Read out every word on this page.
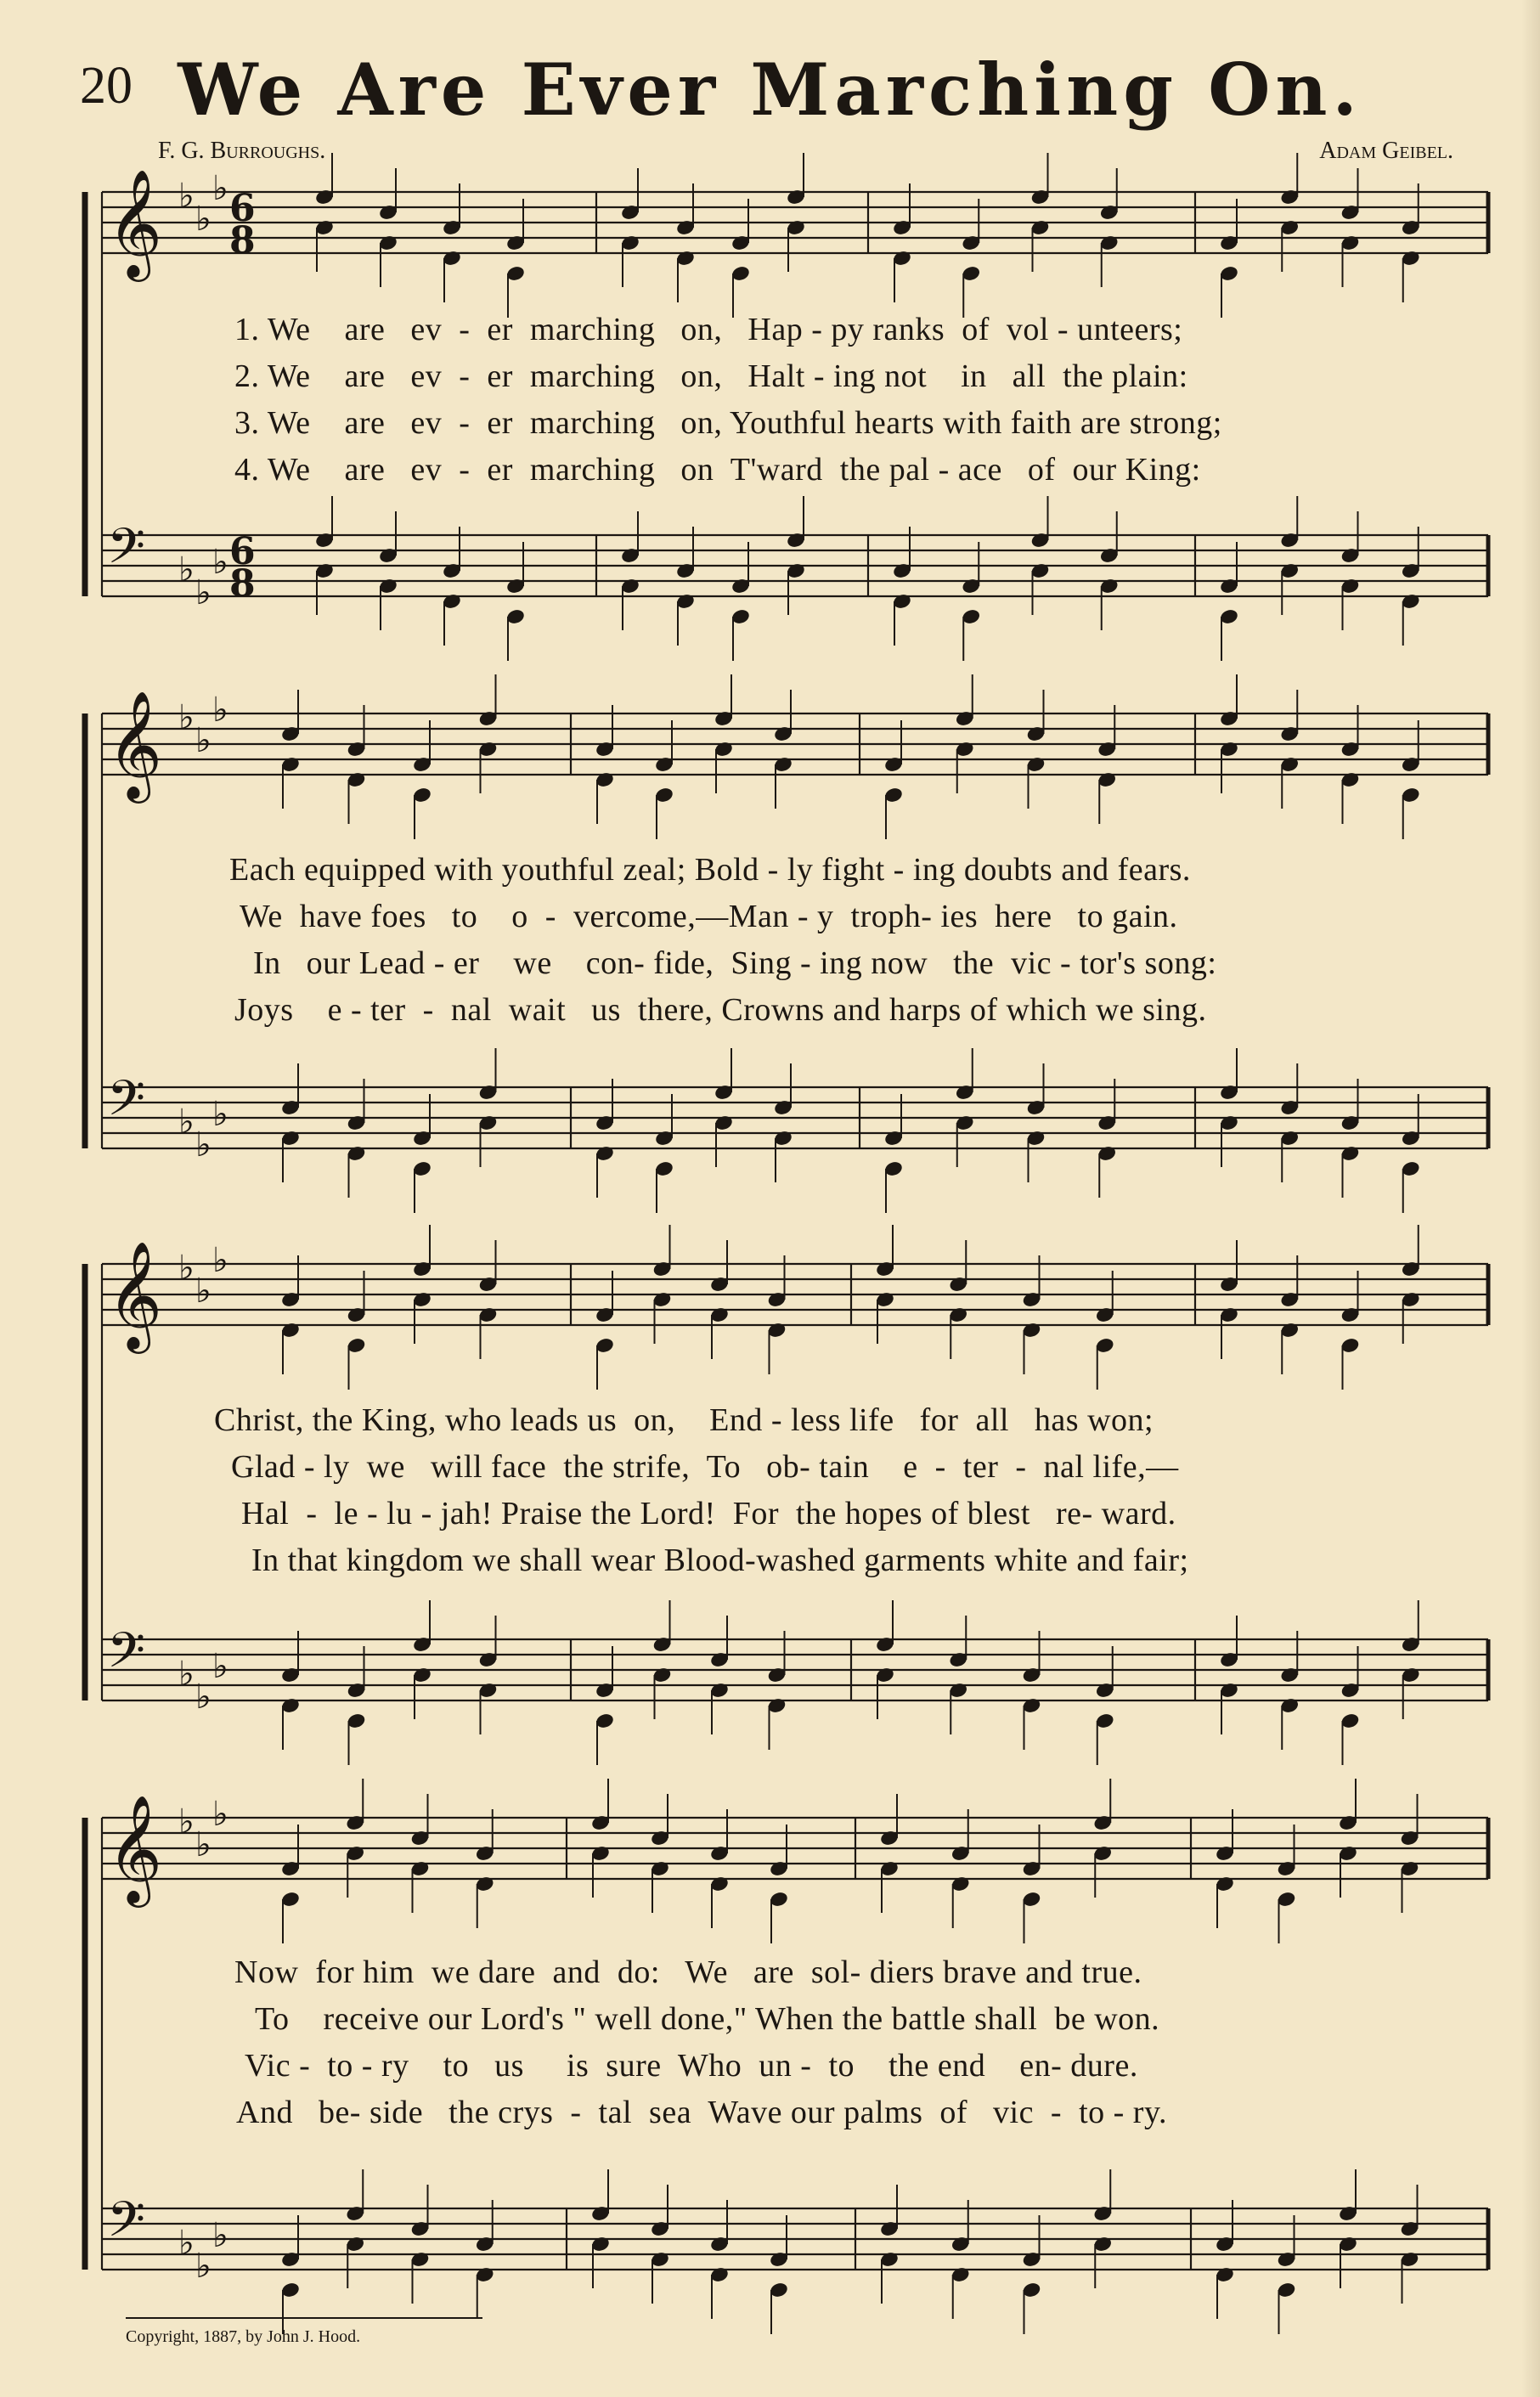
20 We Are Ever Marching On.
F. G. Burroughs.	Adam Geibel.
𝄞 ♭
♭
♭ 6
8
𝄢 ♭
♭
♭ 6
8
1. We    are   ev  -  er  marching   on,   Hap - py ranks  of  vol - unteers;
2. We    are   ev  -  er  marching   on,   Halt - ing not    in   all  the plain:
3. We    are   ev  -  er  marching   on, Youthful hearts with faith are strong;
4. We    are   ev  -  er  marching   on  T'ward  the pal - ace   of  our King:
𝄞 ♭
♭
♭
𝄢 ♭
♭
♭
Each equipped with youthful zeal; Bold - ly fight - ing doubts and fears.
We  have foes   to    o  -  vercome,—Man - y  troph- ies  here   to gain.
In   our Lead - er    we    con- fide,  Sing - ing now   the  vic - tor's song:
Joys    e - ter  -  nal  wait   us  there, Crowns and harps of which we sing.
𝄞 ♭
♭
♭
𝄢 ♭
♭
♭
Christ, the King, who leads us  on,    End - less life   for  all   has won;
Glad - ly  we   will face  the strife,  To   ob- tain    e  -  ter  -  nal life,—
Hal  -  le - lu - jah! Praise the Lord!  For  the hopes of blest   re- ward.
In that kingdom we shall wear Blood-washed garments white and fair;
𝄞 ♭
♭
♭
𝄢 ♭
♭
♭
Now  for him  we dare  and  do:   We   are  sol- diers brave and true.
To    receive our Lord's " well done," When the battle shall  be won.
Vic -  to - ry    to   us     is  sure  Who  un -  to    the end    en- dure.
And   be- side   the crys  -  tal  sea  Wave our palms  of   vic  -  to - ry.
Copyright, 1887, by John J. Hood.
